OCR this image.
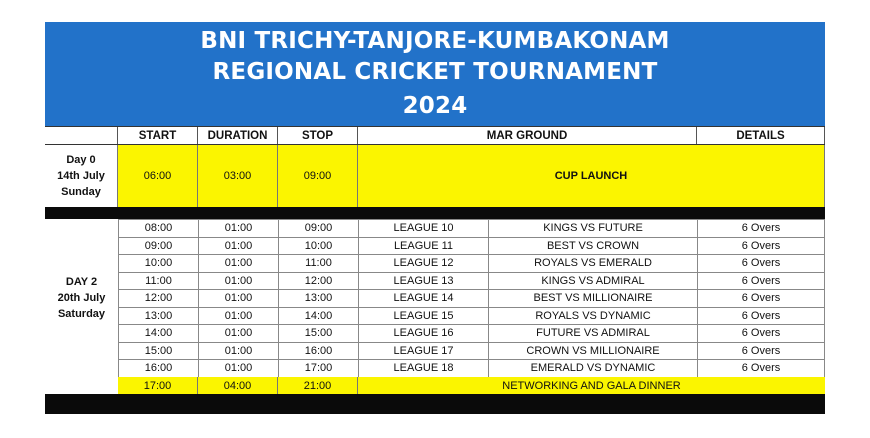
BNI TRICHY-TANJORE-KUMBAKONAM
REGIONAL CRICKET TOURNAMENT
2024
START	DURATION	STOP	MAR GROUND	DETAILS
Day 0
14th July
Sunday
06:00	03:00	09:00	CUP LAUNCH
DAY 2
20th July
Saturday
08:00	01:00	09:00	LEAGUE 10	KINGS VS FUTURE	6 Overs
09:00	01:00	10:00	LEAGUE 11	BEST VS CROWN	6 Overs
10:00	01:00	11:00	LEAGUE 12	ROYALS VS EMERALD	6 Overs
11:00	01:00	12:00	LEAGUE 13	KINGS VS ADMIRAL	6 Overs
12:00	01:00	13:00	LEAGUE 14	BEST VS MILLIONAIRE	6 Overs
13:00	01:00	14:00	LEAGUE 15	ROYALS VS DYNAMIC	6 Overs
14:00	01:00	15:00	LEAGUE 16	FUTURE VS ADMIRAL	6 Overs
15:00	01:00	16:00	LEAGUE 17	CROWN VS MILLIONAIRE	6 Overs
16:00	01:00	17:00	LEAGUE 18	EMERALD VS DYNAMIC	6 Overs
17:00	04:00	21:00	NETWORKING AND GALA DINNER
